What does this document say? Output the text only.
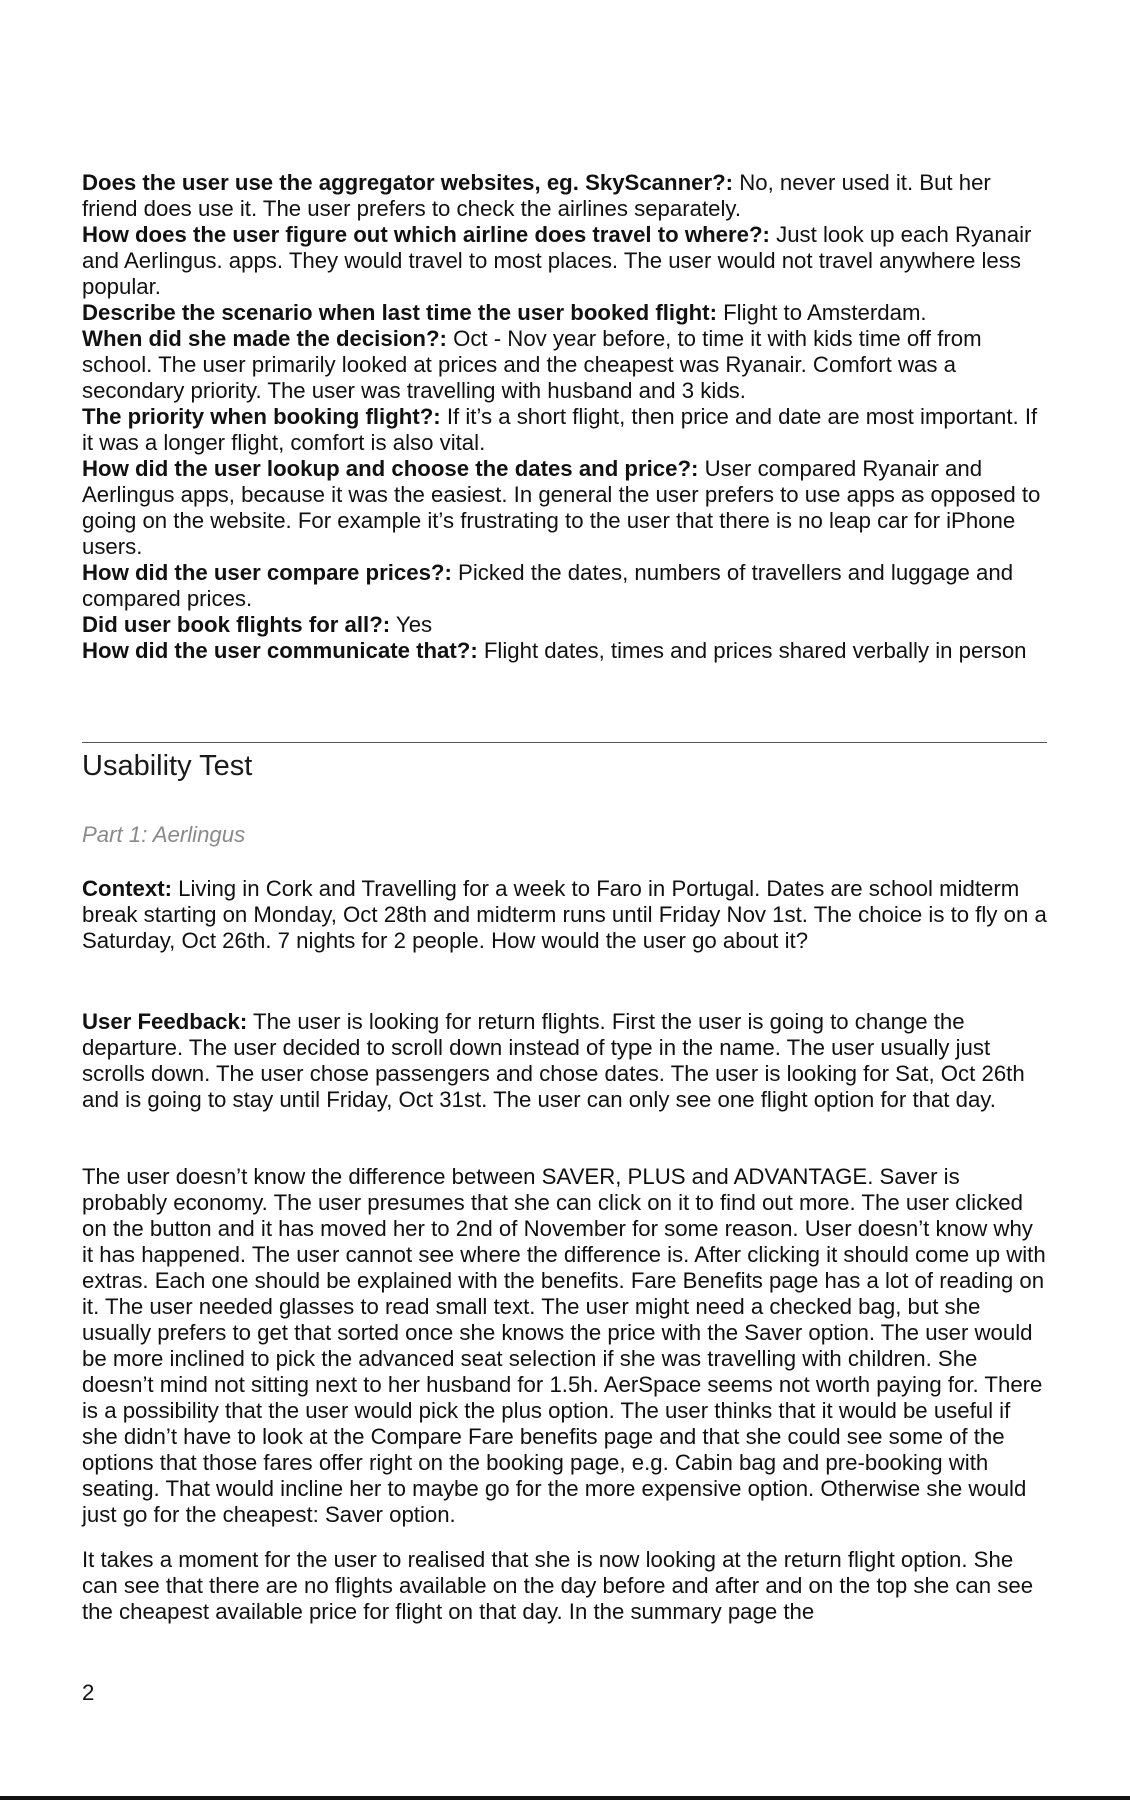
Does the user use the aggregator websites, eg. SkyScanner?: No, never used it. But her friend does use it. The user prefers to check the airlines separately.

How does the user figure out which airline does travel to where?: Just look up each Ryanair and Aerlingus. apps. They would travel to most places. The user would not travel anywhere less popular.

Describe the scenario when last time the user booked flight: Flight to Amsterdam.

When did she made the decision?: Oct - Nov year before, to time it with kids time off from school. The user primarily looked at prices and the cheapest was Ryanair. Comfort was a secondary priority. The user was travelling with husband and 3 kids.

The priority when booking flight?: If it’s a short flight, then price and date are most important. If it was a longer flight, comfort is also vital.

How did the user lookup and choose the dates and price?: User compared Ryanair and Aerlingus apps, because it was the easiest. In general the user prefers to use apps as opposed to going on the website. For example it’s frustrating to the user that there is no leap car for iPhone users.

How did the user compare prices?: Picked the dates, numbers of travellers and luggage and compared prices.

Did user book flights for all?: Yes

How did the user communicate that?: Flight dates, times and prices shared verbally in person

Usability Test

Part 1: Aerlingus

Context: Living in Cork and Travelling for a week to Faro in Portugal. Dates are school midterm break starting on Monday, Oct 28th and midterm runs until Friday Nov 1st. The choice is to fly on a Saturday, Oct 26th. 7 nights for 2 people. How would the user go about it?

User Feedback: The user is looking for return flights. First the user is going to change the departure. The user decided to scroll down instead of type in the name. The user usually just scrolls down. The user chose passengers and chose dates. The user is looking for Sat, Oct 26th and is going to stay until Friday, Oct 31st. The user can only see one flight option for that day.

The user doesn’t know the difference between SAVER, PLUS and ADVANTAGE. Saver is probably economy. The user presumes that she can click on it to find out more. The user clicked on the button and it has moved her to 2nd of November for some reason. User doesn’t know why it has happened. The user cannot see where the difference is. After clicking it should come up with extras. Each one should be explained with the benefits. Fare Benefits page has a lot of reading on it. The user needed glasses to read small text. The user might need a checked bag, but she usually prefers to get that sorted once she knows the price with the Saver option. The user would be more inclined to pick the advanced seat selection if she was travelling with children. She doesn’t mind not sitting next to her husband for 1.5h. AerSpace seems not worth paying for. There is a possibility that the user would pick the plus option. The user thinks that it would be useful if she didn’t have to look at the Compare Fare benefits page and that she could see some of the options that those fares offer right on the booking page, e.g. Cabin bag and pre-booking with seating. That would incline her to maybe go for the more expensive option. Otherwise she would just go for the cheapest: Saver option.

It takes a moment for the user to realised that she is now looking at the return flight option. She can see that there are no flights available on the day before and after and on the top she can see the cheapest available price for flight on that day. In the summary page the

2
